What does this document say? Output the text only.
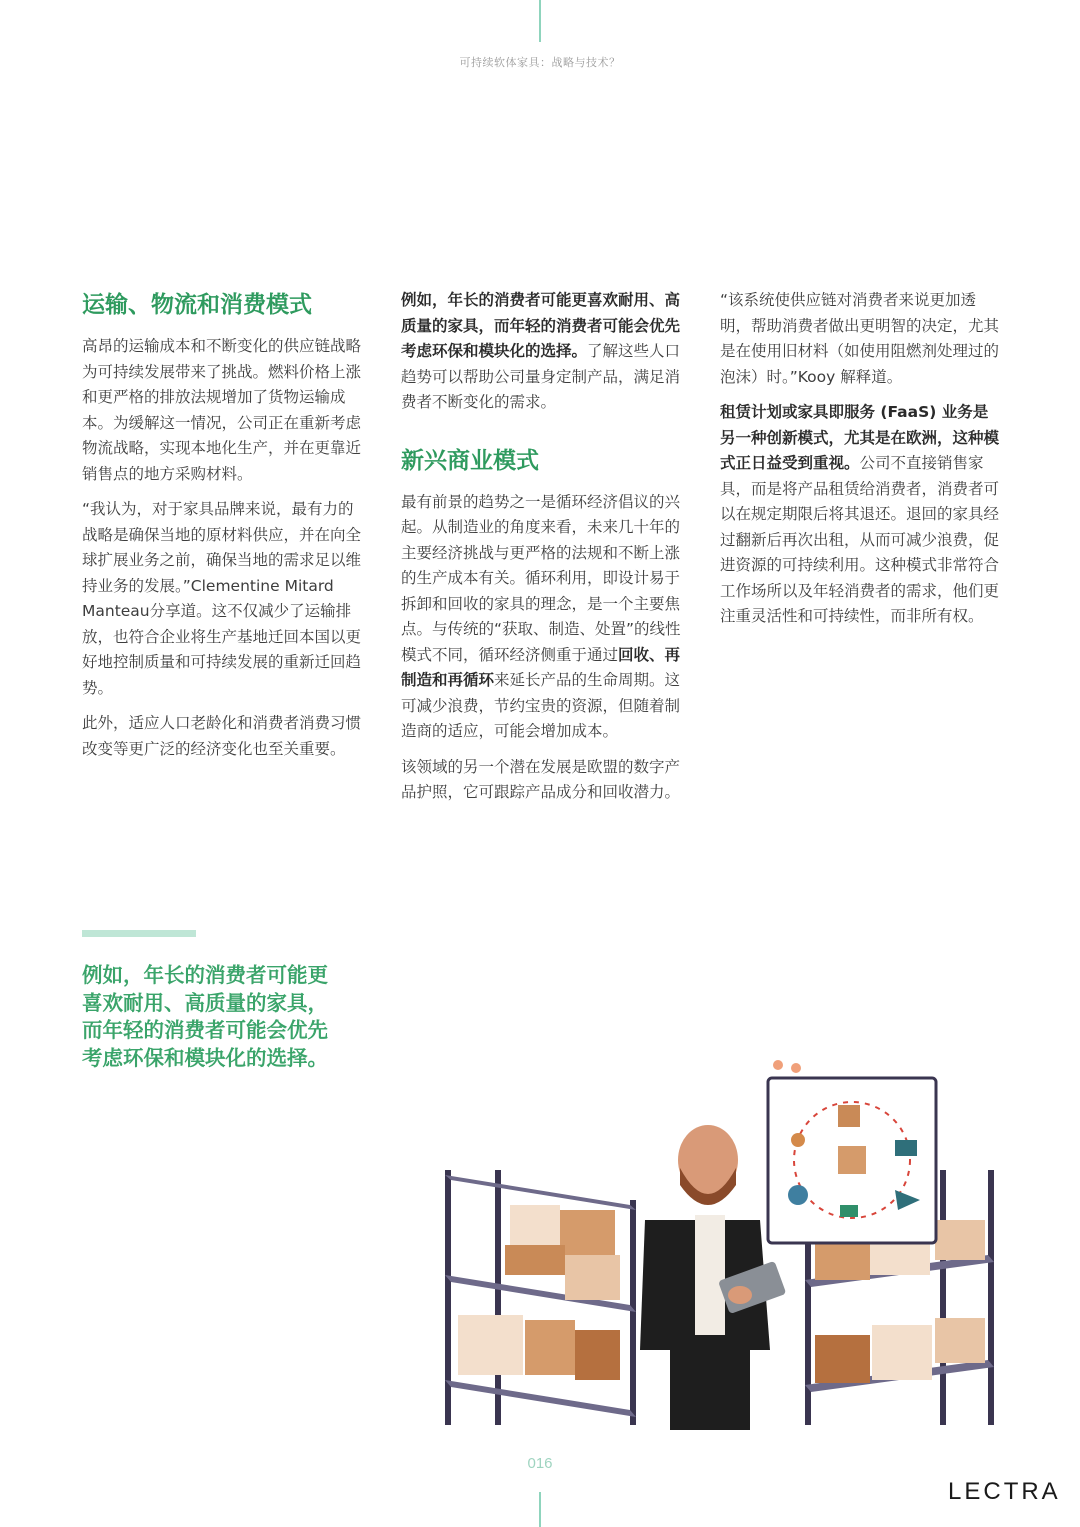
可持续软体家具：战略与技术？
运输、物流和消费模式

高昂的运输成本和不断变化的供应链战略为可持续发展带来了挑战。燃料价格上涨和更严格的排放法规增加了货物运输成本。为缓解这一情况，公司正在重新考虑物流战略，实现本地化生产，并在更靠近销售点的地方采购材料。

“我认为，对于家具品牌来说，最有力的战略是确保当地的原材料供应，并在向全球扩展业务之前，确保当地的需求足以维持业务的发展。”Clementine Mitard Manteau分享道。这不仅减少了运输排放，也符合企业将生产基地迁回本国以更好地控制质量和可持续发展的重新迁回趋势。

此外，适应人口老龄化和消费者消费习惯改变等更广泛的经济变化也至关重要。

例如，年长的消费者可能更喜欢耐用、高质量的家具，而年轻的消费者可能会优先考虑环保和模块化的选择。了解这些人口趋势可以帮助公司量身定制产品，满足消费者不断变化的需求。

新兴商业模式

最有前景的趋势之一是循环经济倡议的兴起。从制造业的角度来看，未来几十年的主要经济挑战与更严格的法规和不断上涨的生产成本有关。循环利用，即设计易于拆卸和回收的家具的理念，是一个主要焦点。与传统的“获取、制造、处置”的线性模式不同，循环经济侧重于通过回收、再制造和再循环来延长产品的生命周期。这可减少浪费，节约宝贵的资源，但随着制造商的适应，可能会增加成本。

该领域的另一个潜在发展是欧盟的数字产品护照，它可跟踪产品成分和回收潜力。

“该系统使供应链对消费者来说更加透明，帮助消费者做出更明智的决定，尤其是在使用旧材料（如使用阻燃剂处理过的泡沫）时。”Kooy 解释道。

租赁计划或家具即服务 (FaaS) 业务是另一种创新模式，尤其是在欧洲，这种模式正日益受到重视。公司不直接销售家具，而是将产品租赁给消费者，消费者可以在规定期限后将其退还。退回的家具经过翻新后再次出租，从而可减少浪费，促进资源的可持续利用。这种模式非常符合工作场所以及年轻消费者的需求，他们更注重灵活性和可持续性，而非所有权。

例如，年长的消费者可能更喜欢耐用、高质量的家具，而年轻的消费者可能会优先考虑环保和模块化的选择。
016
LECTRA
